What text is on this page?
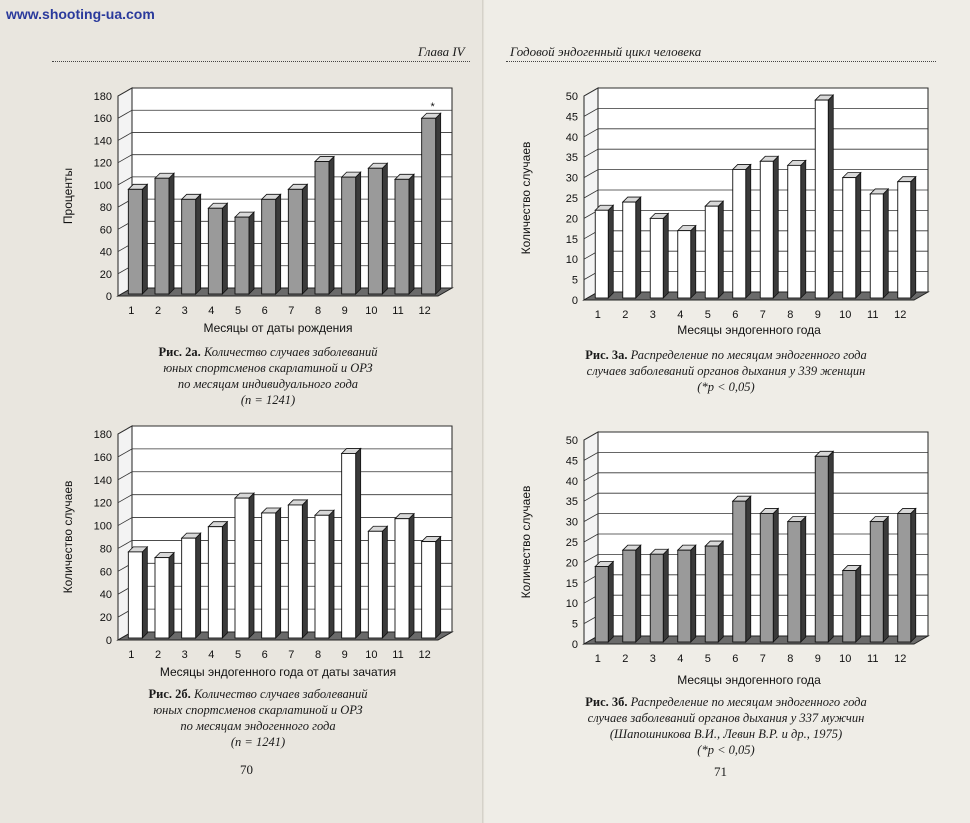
www.shooting-ua.com
Глава IV
0
20
40
60
80
100
120
140
160
180
1 2 3 4 5 6 7 8 9 10 11 12
*
Проценты
Месяцы от даты рождения
Рис. 2а. Количество случаев заболеваний
юных спортсменов скарлатиной и ОРЗ
по месяцам индивидуального года
(n = 1241)
0
20
40
60
80
100
120
140
160
180
1 2 3 4 5 6 7 8 9 10 11 12
Количество случаев
Месяцы эндогенного года от даты зачатия
Рис. 2б. Количество случаев заболеваний
юных спортсменов скарлатиной и ОРЗ
по месяцам эндогенного года
(n = 1241)
70
Годовой эндогенный цикл человека
0
5
10
15
20
25
30
35
40
45
50
1 2 3 4 5 6 7 8 9 10 11 12
Количество случаев
Месяцы эндогенного года
Рис. 3а. Распределение по месяцам эндогенного года
случаев заболеваний органов дыхания у 339 женщин
(*p < 0,05)
0
5
10
15
20
25
30
35
40
45
50
1 2 3 4 5 6 7 8 9 10 11 12
Количество случаев
Месяцы эндогенного года
Рис. 3б. Распределение по месяцам эндогенного года
случаев заболеваний органов дыхания у 337 мужчин
(Шапошникова В.И., Левин В.Р. и др., 1975)
(*p < 0,05)
71
